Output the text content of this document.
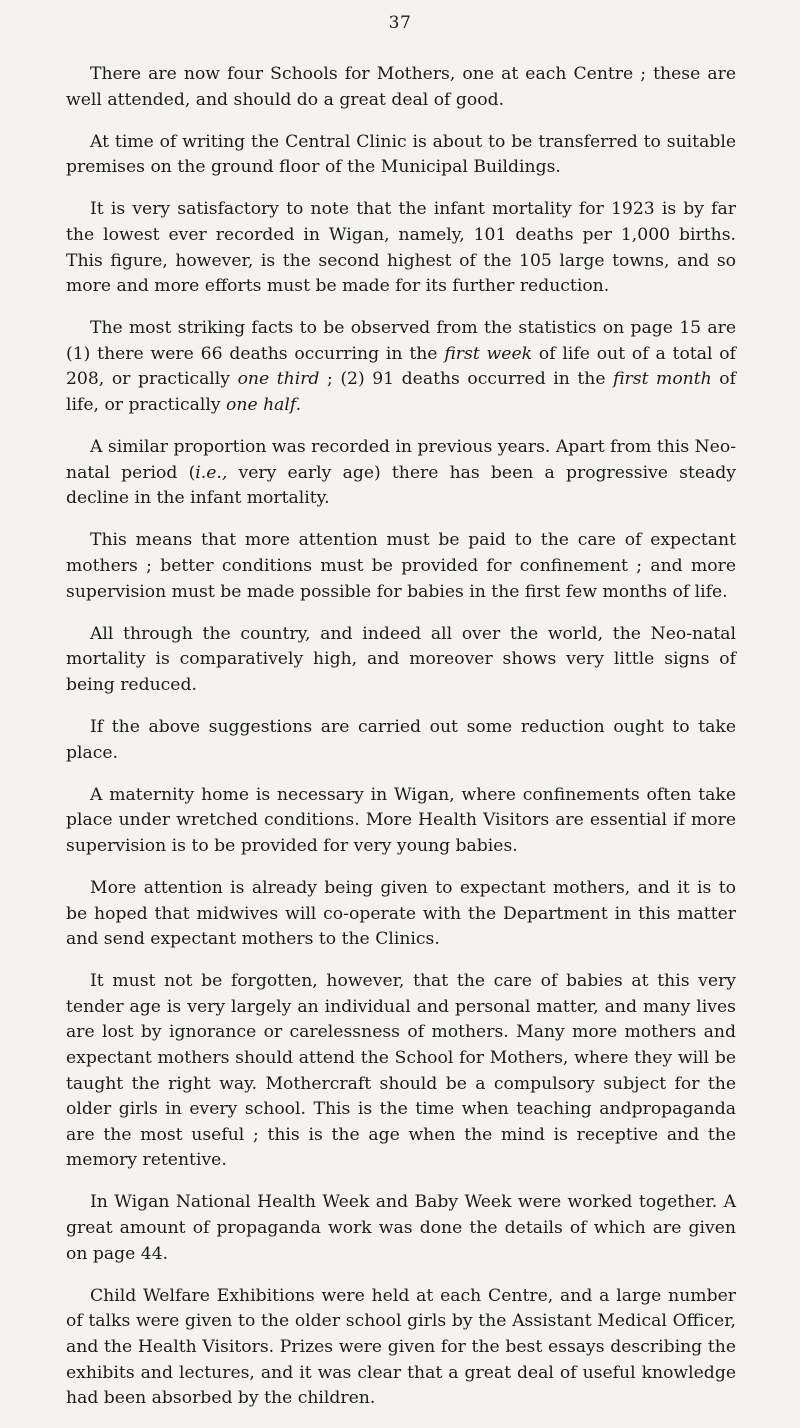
37

There are now four Schools for Mothers, one at each Centre ; these are well attended, and should do a great deal of good.

At time of writing the Central Clinic is about to be transferred to suitable premises on the ground floor of the Municipal Buildings.

It is very satisfactory to note that the infant mortality for 1923 is by far the lowest ever recorded in Wigan, namely, 101 deaths per 1,000 births. This figure, however, is the second highest of the 105 large towns, and so more and more efforts must be made for its further reduction.

The most striking facts to be observed from the statistics on page 15 are (1) there were 66 deaths occurring in the first week of life out of a total of 208, or practically one third ; (2) 91 deaths occurred in the first month of life, or practically one half.

A similar proportion was recorded in previous years. Apart from this Neo-natal period (i.e., very early age) there has been a progressive steady decline in the infant mortality.

This means that more attention must be paid to the care of expectant mothers ; better conditions must be provided for confinement ; and more supervision must be made possible for babies in the first few months of life.

All through the country, and indeed all over the world, the Neo-natal mortality is comparatively high, and moreover shows very little signs of being reduced.

If the above suggestions are carried out some reduction ought to take place.

A maternity home is necessary in Wigan, where confinements often take place under wretched conditions. More Health Visitors are essential if more supervision is to be provided for very young babies.

More attention is already being given to expectant mothers, and it is to be hoped that midwives will co-operate with the Department in this matter and send expectant mothers to the Clinics.

It must not be forgotten, however, that the care of babies at this very tender age is very largely an individual and personal matter, and many lives are lost by ignorance or carelessness of mothers. Many more mothers and expectant mothers should attend the School for Mothers, where they will be taught the right way. Mothercraft should be a compulsory subject for the older girls in every school. This is the time when teaching andpropaganda are the most useful ; this is the age when the mind is receptive and the memory retentive.

In Wigan National Health Week and Baby Week were worked together. A great amount of propaganda work was done the details of which are given on page 44.

Child Welfare Exhibitions were held at each Centre, and a large number of talks were given to the older school girls by the Assistant Medical Officer, and the Health Visitors. Prizes were given for the best essays describing the exhibits and lectures, and it was clear that a great deal of useful knowledge had been absorbed by the children.
